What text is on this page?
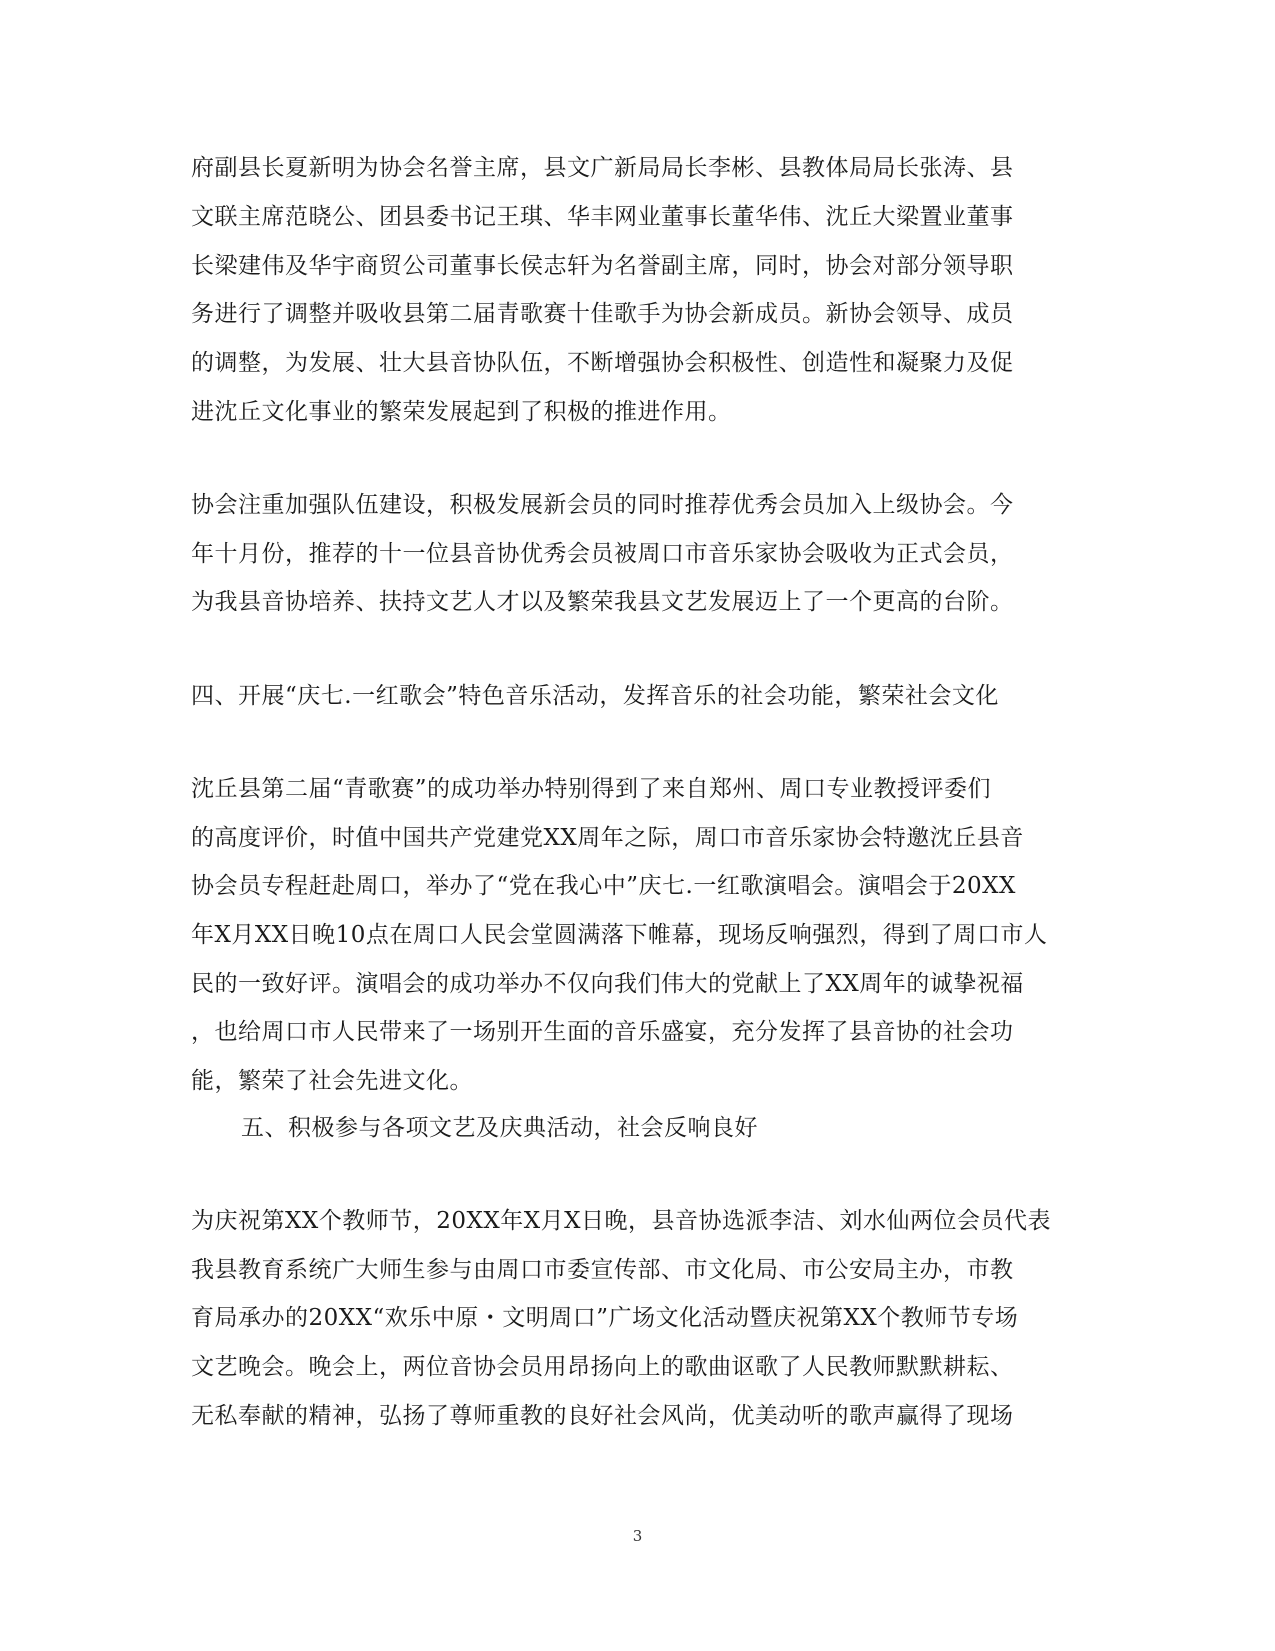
府副县长夏新明为协会名誉主席，县文广新局局长李彬、县教体局局长张涛、县
文联主席范晓公、团县委书记王琪、华丰网业董事长董华伟、沈丘大梁置业董事
长梁建伟及华宇商贸公司董事长侯志轩为名誉副主席，同时，协会对部分领导职
务进行了调整并吸收县第二届青歌赛十佳歌手为协会新成员。新协会领导、成员
的调整，为发展、壮大县音协队伍，不断增强协会积极性、创造性和凝聚力及促
进沈丘文化事业的繁荣发展起到了积极的推进作用。
协会注重加强队伍建设，积极发展新会员的同时推荐优秀会员加入上级协会。今
年十月份，推荐的十一位县音协优秀会员被周口市音乐家协会吸收为正式会员，
为我县音协培养、扶持文艺人才以及繁荣我县文艺发展迈上了一个更高的台阶。
四、开展“庆七.一红歌会”特色音乐活动，发挥音乐的社会功能，繁荣社会文化
沈丘县第二届“青歌赛”的成功举办特别得到了来自郑州、周口专业教授评委们
的高度评价，时值中国共产党建党XX周年之际，周口市音乐家协会特邀沈丘县音
协会员专程赶赴周口，举办了“党在我心中”庆七.一红歌演唱会。演唱会于20XX
年X月XX日晚10点在周口人民会堂圆满落下帷幕，现场反响强烈，得到了周口市人
民的一致好评。演唱会的成功举办不仅向我们伟大的党献上了XX周年的诚挚祝福
，也给周口市人民带来了一场别开生面的音乐盛宴，充分发挥了县音协的社会功
能，繁荣了社会先进文化。
五、积极参与各项文艺及庆典活动，社会反响良好
为庆祝第XX个教师节，20XX年X月X日晚，县音协选派李洁、刘水仙两位会员代表
我县教育系统广大师生参与由周口市委宣传部、市文化局、市公安局主办，市教
育局承办的20XX“欢乐中原・文明周口”广场文化活动暨庆祝第XX个教师节专场
文艺晚会。晚会上，两位音协会员用昂扬向上的歌曲讴歌了人民教师默默耕耘、
无私奉献的精神，弘扬了尊师重教的良好社会风尚，优美动听的歌声赢得了现场
3
